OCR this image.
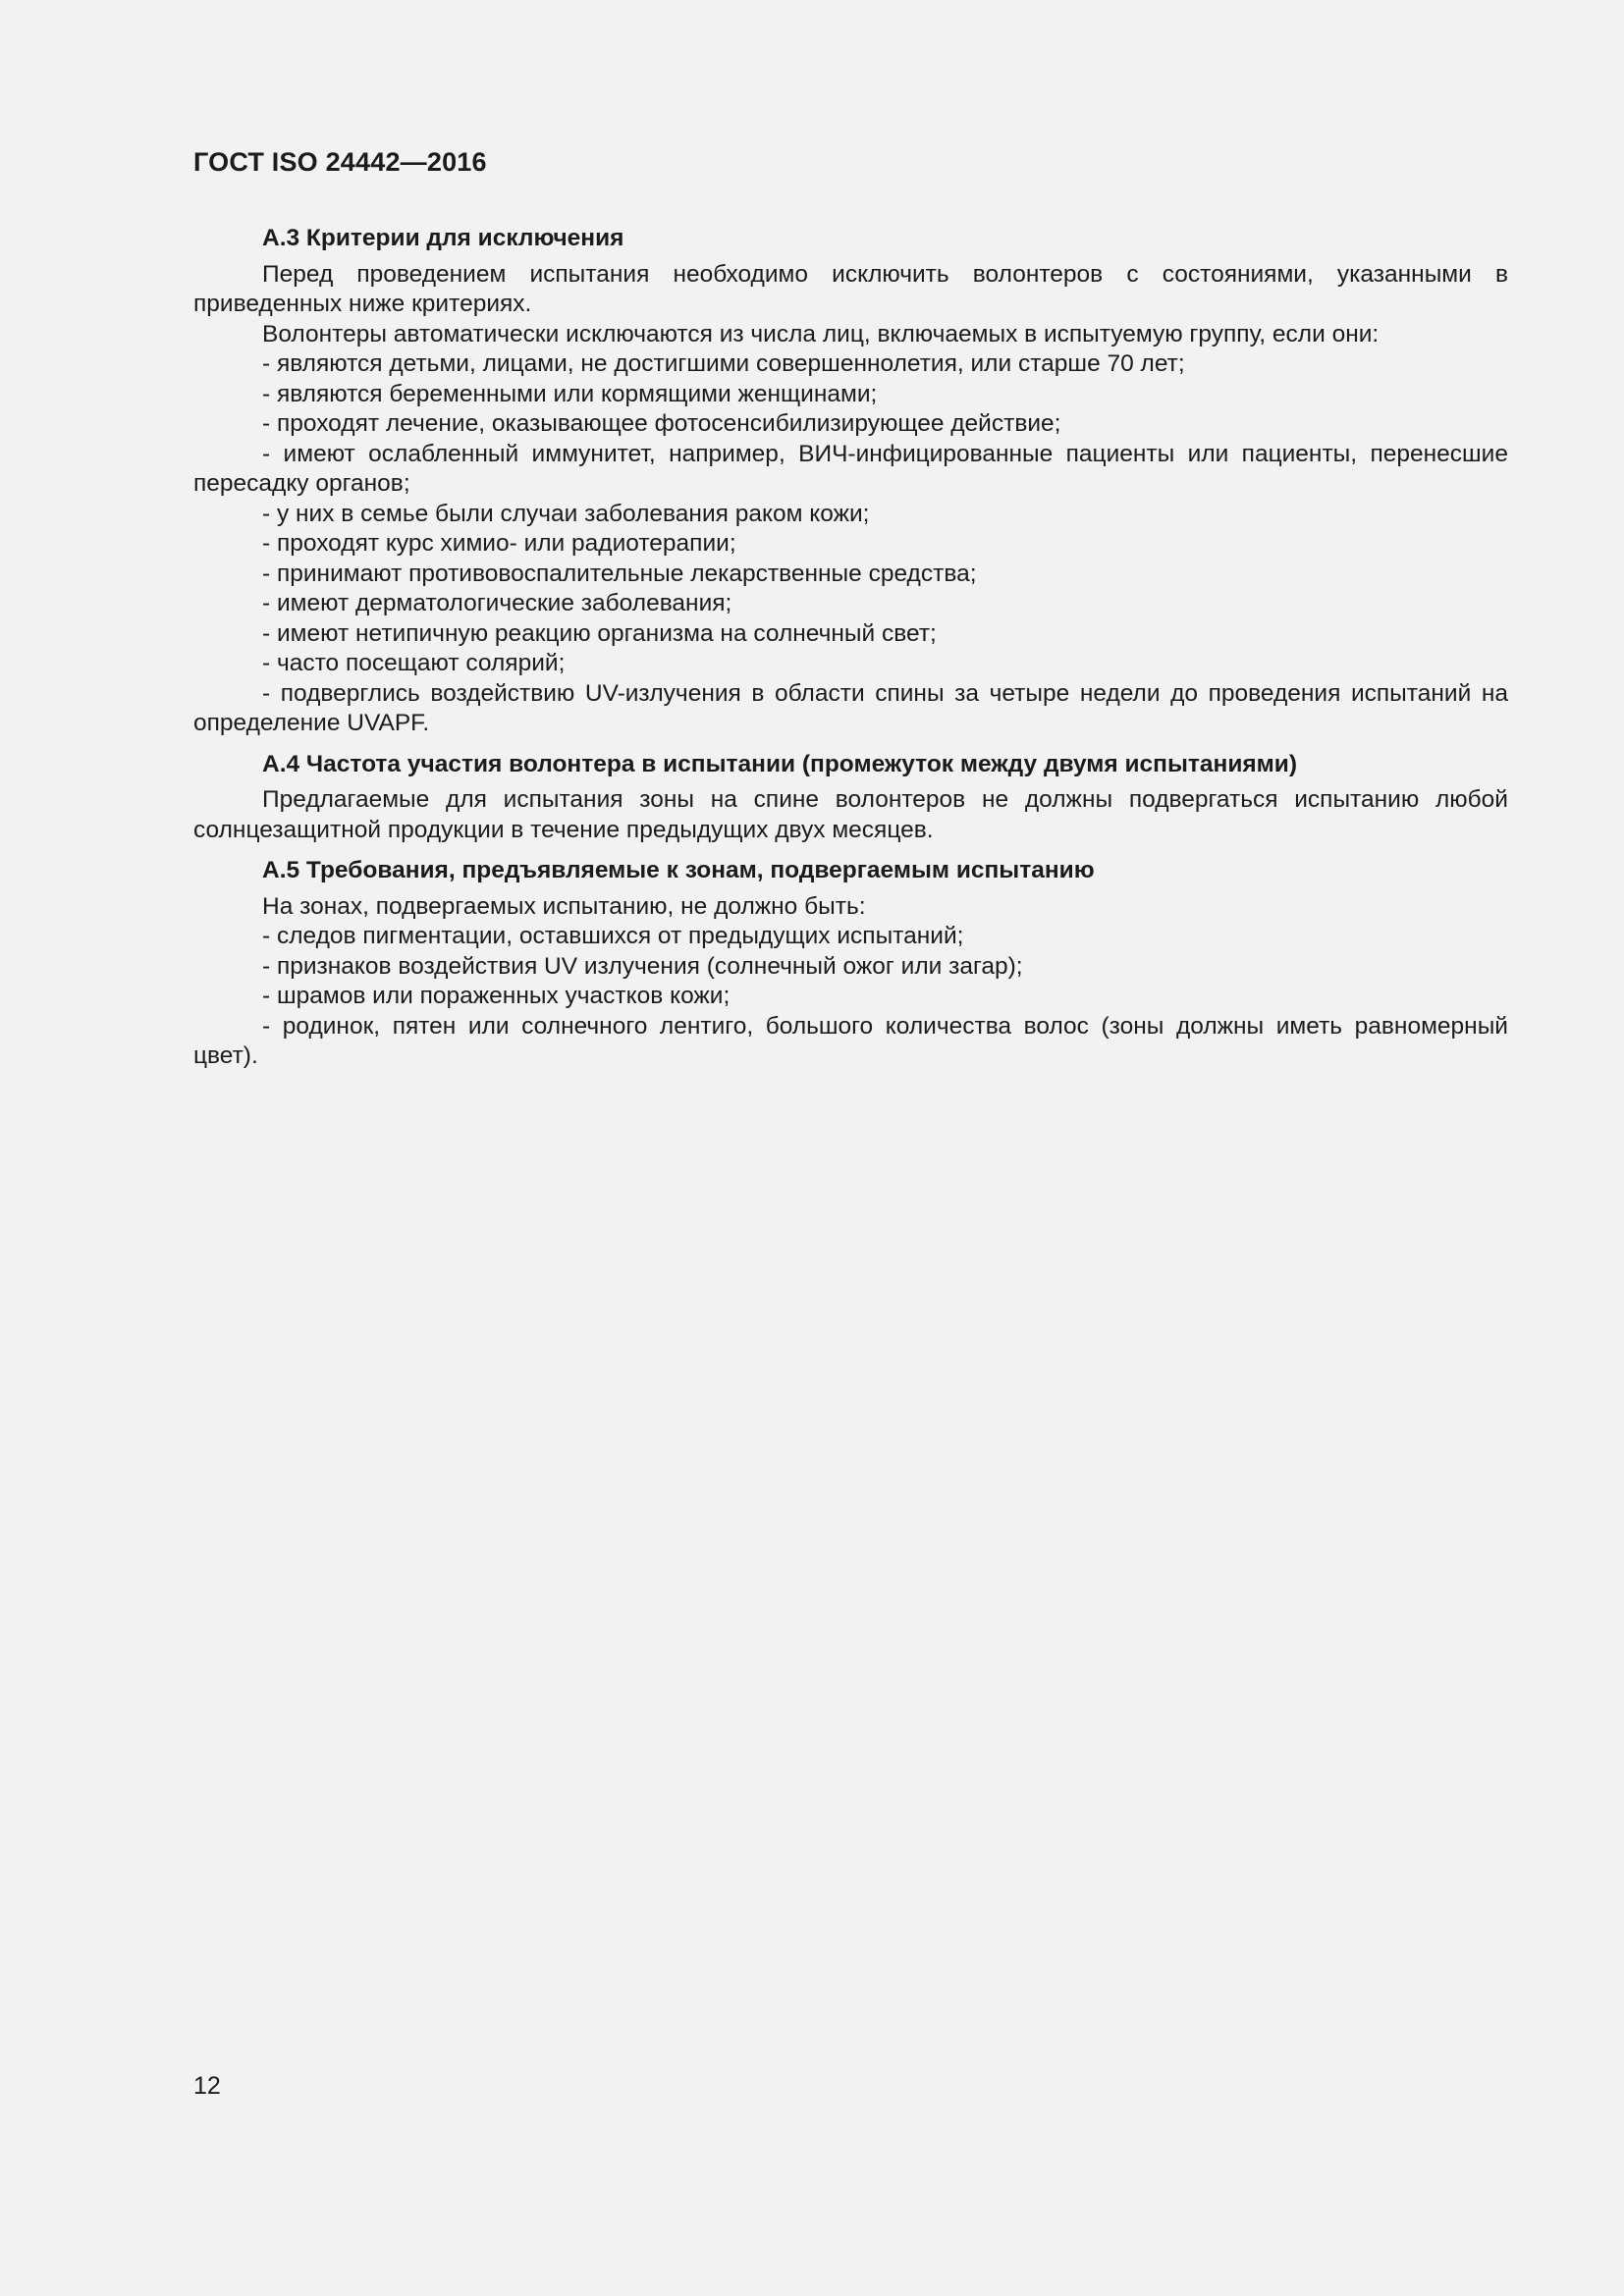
ГОСТ ISO 24442—2016
А.3 Критерии для исключения

Перед проведением испытания необходимо исключить волонтеров с состояниями, указанными в приведенных ниже критериях.

Волонтеры автоматически исключаются из числа лиц, включаемых в испытуемую группу, если они:

- являются детьми, лицами, не достигшими совершеннолетия, или старше 70 лет;

- являются беременными или кормящими женщинами;

- проходят лечение, оказывающее фотосенсибилизирующее действие;

- имеют ослабленный иммунитет, например, ВИЧ-инфицированные пациенты или пациенты, перенесшие пересадку органов;

- у них в семье были случаи заболевания раком кожи;

- проходят курс химио- или радиотерапии;

- принимают противовоспалительные лекарственные средства;

- имеют дерматологические заболевания;

- имеют нетипичную реакцию организма на солнечный свет;

- часто посещают солярий;

- подверглись воздействию UV-излучения в области спины за четыре недели до проведения испытаний на определение UVAPF.

А.4 Частота участия волонтера в испытании (промежуток между двумя испытаниями)

Предлагаемые для испытания зоны на спине волонтеров не должны подвергаться испытанию любой солнцезащитной продукции в течение предыдущих двух месяцев.

А.5 Требования, предъявляемые к зонам, подвергаемым испытанию

На зонах, подвергаемых испытанию, не должно быть:

- следов пигментации, оставшихся от предыдущих испытаний;

- признаков воздействия UV излучения (солнечный ожог или загар);

- шрамов или пораженных участков кожи;

- родинок, пятен или солнечного лентиго, большого количества волос (зоны должны иметь равномерный цвет).

12
